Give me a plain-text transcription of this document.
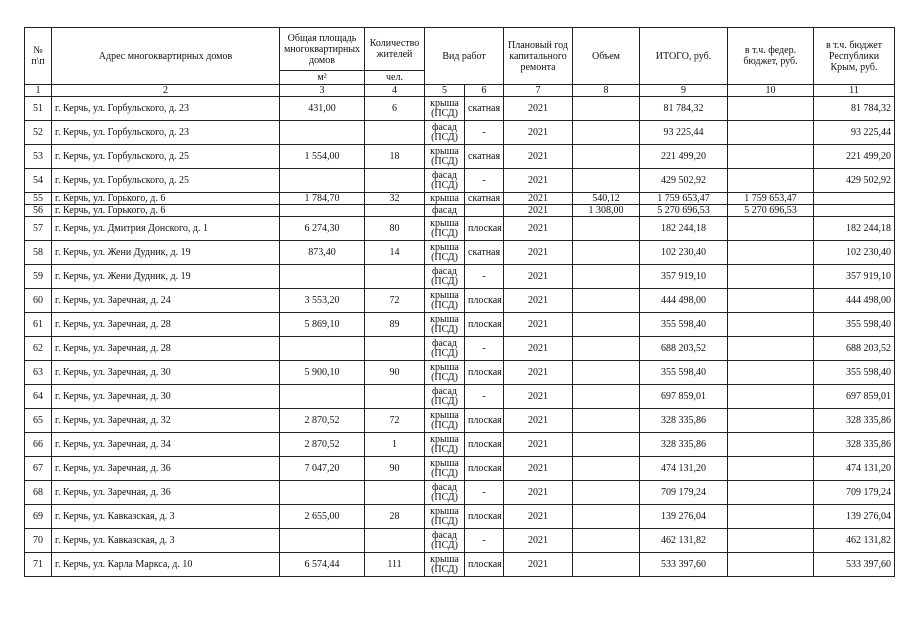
№ п\п	Адрес многоквартирных домов	Общая площадь многоквартирных домов	Количество жителей	Вид работ		Плановый год капитального ремонта	Объем	ИТОГО, руб.	в т.ч. федер. бюджет, руб.	в т.ч. бюджет Республики Крым, руб.
		м²	чел.							
1	2	3	4	5	6	7	8	9	10	11
51	г. Керчь, ул. Горбульского, д. 23	431,00	6	крыша (ПСД)	скатная	2021		81 784,32		81 784,32
52	г. Керчь, ул. Горбульского, д. 23			фасад (ПСД)	-	2021		93 225,44		93 225,44
53	г. Керчь, ул. Горбульского, д. 25	1 554,00	18	крыша (ПСД)	скатная	2021		221 499,20		221 499,20
54	г. Керчь, ул. Горбульского, д. 25			фасад (ПСД)	-	2021		429 502,92		429 502,92
55	г. Керчь, ул. Горького, д. 6	1 784,70	32	крыша	скатная	2021	540,12	1 759 653,47	1 759 653,47	
56	г. Керчь, ул. Горького, д. 6			фасад		2021	1 308,00	5 270 696,53	5 270 696,53	
57	г. Керчь, ул. Дмитрия Донского, д. 1	6 274,30	80	крыша (ПСД)	плоская	2021		182 244,18		182 244,18
58	г. Керчь, ул. Жени Дудник, д. 19	873,40	14	крыша (ПСД)	скатная	2021		102 230,40		102 230,40
59	г. Керчь, ул. Жени Дудник, д. 19			фасад (ПСД)	-	2021		357 919,10		357 919,10
60	г. Керчь, ул. Заречная, д. 24	3 553,20	72	крыша (ПСД)	плоская	2021		444 498,00		444 498,00
61	г. Керчь, ул. Заречная, д. 28	5 869,10	89	крыша (ПСД)	плоская	2021		355 598,40		355 598,40
62	г. Керчь, ул. Заречная, д. 28			фасад (ПСД)	-	2021		688 203,52		688 203,52
63	г. Керчь, ул. Заречная, д. 30	5 900,10	90	крыша (ПСД)	плоская	2021		355 598,40		355 598,40
64	г. Керчь, ул. Заречная, д. 30			фасад (ПСД)	-	2021		697 859,01		697 859,01
65	г. Керчь, ул. Заречная, д. 32	2 870,52	72	крыша (ПСД)	плоская	2021		328 335,86		328 335,86
66	г. Керчь, ул. Заречная, д. 34	2 870,52	1	крыша (ПСД)	плоская	2021		328 335,86		328 335,86
67	г. Керчь, ул. Заречная, д. 36	7 047,20	90	крыша (ПСД)	плоская	2021		474 131,20		474 131,20
68	г. Керчь, ул. Заречная, д. 36			фасад (ПСД)	-	2021		709 179,24		709 179,24
69	г. Керчь, ул. Кавказская, д. 3	2 655,00	28	крыша (ПСД)	плоская	2021		139 276,04		139 276,04
70	г. Керчь, ул. Кавказская, д. 3			фасад (ПСД)	-	2021		462 131,82		462 131,82
71	г. Керчь, ул. Карла Маркса, д. 10	6 574,44	111	крыша (ПСД)	плоская	2021		533 397,60		533 397,60
